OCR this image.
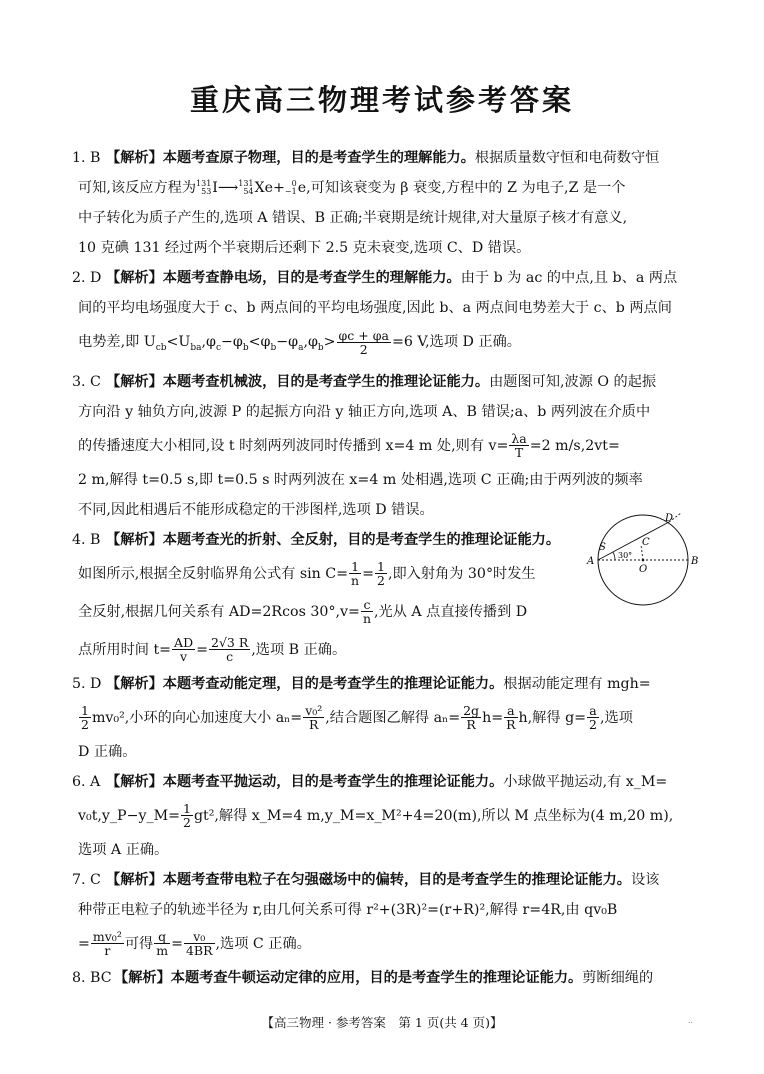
重庆高三物理考试参考答案
1. B 【解析】本题考查原子物理，目的是考查学生的理解能力。根据质量数守恒和电荷数守恒
可知,该反应方程为 131
53 I⟶ 131
54 Xe+ 0
−1 e,可知该衰变为 β 衰变,方程中的 Z 为电子,Z 是一个
中子转化为质子产生的,选项 A 错误、B 正确;半衰期是统计规律,对大量原子核才有意义,
10 克碘 131 经过两个半衰期后还剩下 2.5 克未衰变,选项 C、D 错误。
2. D 【解析】本题考查静电场，目的是考查学生的理解能力。由于 b 为 ac 的中点,且 b、a 两点
间的平均电场强度大于 c、b 两点间的平均电场强度,因此 b、a 两点间电势差大于 c、b 两点间
电势差,即 $U_{cb}<U_{ba},\varphi_c-\varphi_b<\varphi_b-\varphi_a,\varphi_b> \frac{\varphi c + \varphi a}{2} =6$ V,选项 D 正确。
3. C 【解析】本题考查机械波，目的是考查学生的推理论证能力。由题图可知,波源 O 的起振
方向沿 y 轴负方向,波源 P 的起振方向沿 y 轴正方向,选项 A、B 错误;a、b 两列波在介质中
的传播速度大小相同,设 t 时刻两列波同时传播到 x=4 m 处,则有 $v= \frac{\lambda a}{T} =2$ m/s,2vt=
2 m,解得 t=0.5 s,即 t=0.5 s 时两列波在 x=4 m 处相遇,选项 C 正确;由于两列波的频率
不同,因此相遇后不能形成稳定的干涉图样,选项 D 错误。
4. B 【解析】本题考查光的折射、全反射，目的是考查学生的推理论证能力。
如图所示,根据全反射临界角公式有 $\sin C= \frac{1}{n} = \frac{1}{2}$ ,即入射角为 30°时发生
全反射,根据几何关系有 AD=2Rcos $30^\circ,v= \frac{c}{n}$ ,光从 A 点直接传播到 D
点所用时间 $t= \frac{AD}{v} = \frac{2√3 R}{c}$ ,选项 B 正确。
5. D 【解析】本题考查动能定理，目的是考查学生的推理论证能力。根据动能定理有 mgh=
$\frac{1}{2} mv_0^2$,小环的向心加速度大小 $a_n= \frac{\text{v₀²}}{R}$ ,结合题图乙解得 $a_n= \frac{2g}{R} h= \frac{a}{R} h$,解得 $g= \frac{a}{2}$ ,选项
D 正确。
6. A 【解析】本题考查平抛运动，目的是考查学生的推理论证能力。小球做平抛运动,有 x_M=
v₀t,y_P−y_M= $\frac{1}{2} gt^2$,解得 x_M=4 m,y_M=x_M²+4=20(m),所以 M 点坐标为(4 m,20 m),
选项 A 正确。
7. C 【解析】本题考查带电粒子在匀强磁场中的偏转，目的是考查学生的推理论证能力。设该
种带正电粒子的轨迹半径为 r,由几何关系可得 r²+(3R)²=(r+R)²,解得 r=4R,由 qv₀B
= $\frac{\text{mv₀²}}{r}$ 可得 $\frac{q}{m} = \frac{\text{v₀}}{4BR}$ ,选项 C 正确。
8. BC 【解析】本题考查牛顿运动定律的应用，目的是考查学生的推理论证能力。剪断细绳的
D
S	C
A
30°
O
B
【高三物理 · 参考答案　第 1 页(共 4 页)】	..
